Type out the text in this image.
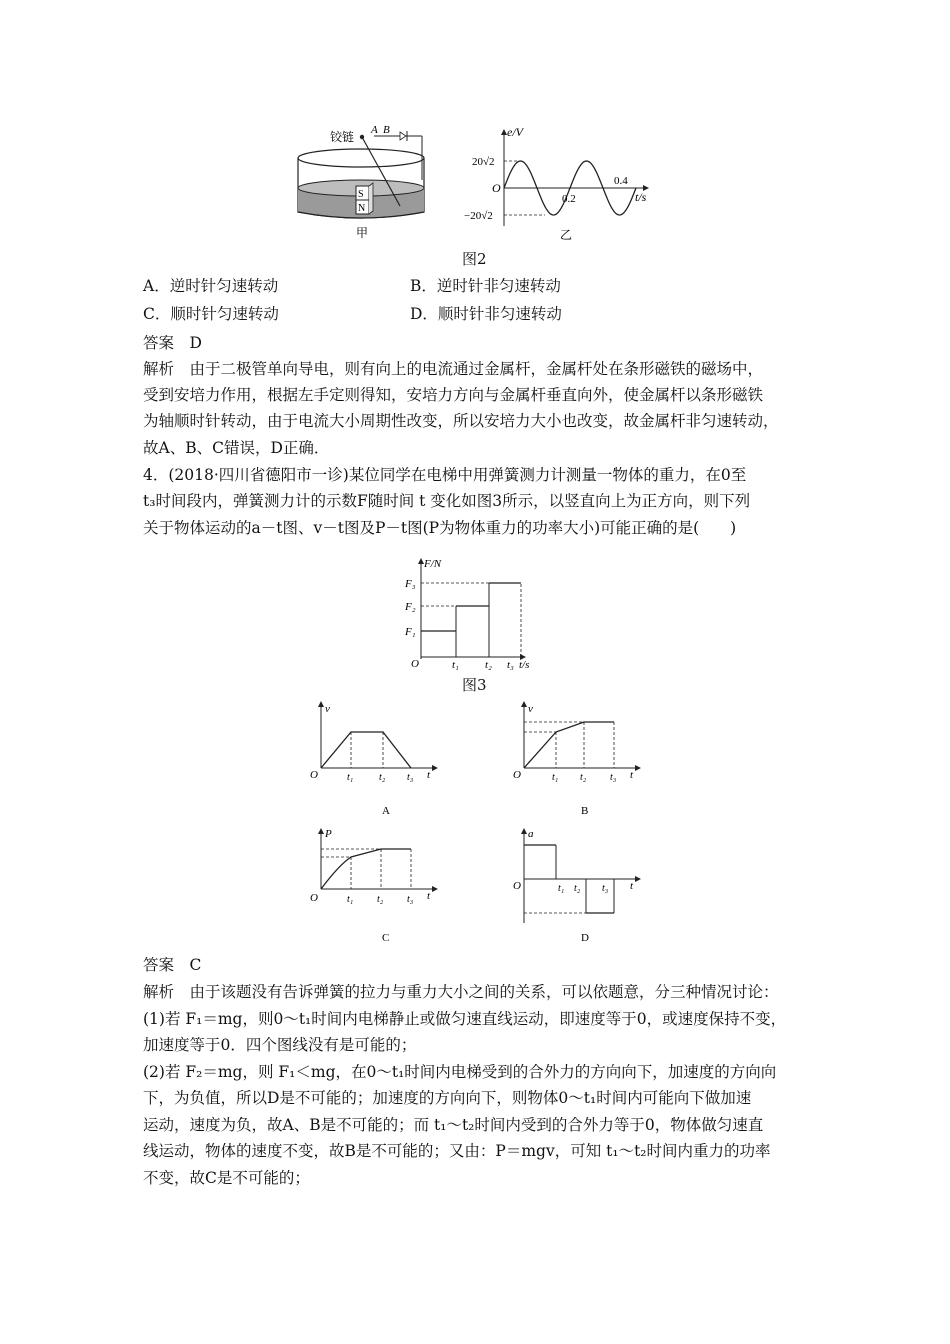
铰链 A B
S
N
甲
e/V
t/s
O
20√2
−20√2
0.2
0.4
乙
图2
A．逆时针匀速转动	B．逆时针非匀速转动
C．顺时针匀速转动	D．顺时针非匀速转动
答案　D
解析　由于二极管单向导电，则有向上的电流通过金属杆，金属杆处在条形磁铁的磁场中，
受到安培力作用，根据左手定则得知，安培力方向与金属杆垂直向外，使金属杆以条形磁铁
为轴顺时针转动，由于电流大小周期性改变，所以安培力大小也改变，故金属杆非匀速转动，
故A、B、C错误，D正确．
4．(2018·四川省德阳市一诊)某位同学在电梯中用弹簧测力计测量一物体的重力，在0至
t₃时间段内，弹簧测力计的示数F随时间 t 变化如图3所示，以竖直向上为正方向，则下列
关于物体运动的a－t图、v－t图及P－t图(P为物体重力的功率大小)可能正确的是(　　)
F/N
t/s
O
F₁
F₂
F₃
t₁ t₂ t₃
图3
v
O	t₁	t₂ t₃ t
A
v
O	t₁ t₂ t₃ t
B
P
O	t₁ t₂ t₃ t
C
a
O	t₁ t₂ t₃ t
D
答案　C
解析　由于该题没有告诉弹簧的拉力与重力大小之间的关系，可以依题意，分三种情况讨论：
(1)若 F₁＝mg，则0～t₁时间内电梯静止或做匀速直线运动，即速度等于0，或速度保持不变，
加速度等于0．四个图线没有是可能的；
(2)若 F₂＝mg，则 F₁＜mg，在0～t₁时间内电梯受到的合外力的方向向下，加速度的方向向
下，为负值，所以D是不可能的；加速度的方向向下，则物体0～t₁时间内可能向下做加速
运动，速度为负，故A、B是不可能的；而 t₁～t₂时间内受到的合外力等于0，物体做匀速直
线运动，物体的速度不变，故B是不可能的；又由：P＝mgv，可知 t₁～t₂时间内重力的功率
不变，故C是不可能的；
